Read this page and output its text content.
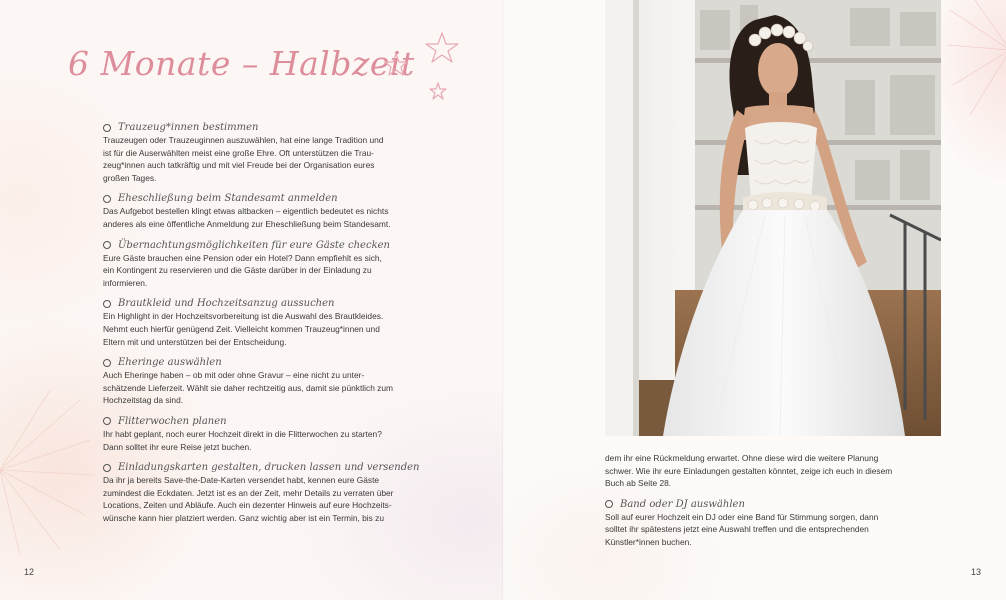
6 Monate – Halbzeit
Trauzeug*innen bestimmen
Trauzeugen oder Trauzeuginnen auszuwählen, hat eine lange Tradition und
ist für die Auserwählten meist eine große Ehre. Oft unterstützen die Trau-
zeug*innen auch tatkräftig und mit viel Freude bei der Organisation eures
großen Tages.
Eheschließung beim Standesamt anmelden
Das Aufgebot bestellen klingt etwas altbacken – eigentlich bedeutet es nichts
anderes als eine öffentliche Anmeldung zur Eheschließung beim Standesamt.
Übernachtungsmöglichkeiten für eure Gäste checken
Eure Gäste brauchen eine Pension oder ein Hotel? Dann empfiehlt es sich,
ein Kontingent zu reservieren und die Gäste darüber in der Einladung zu
informieren.
Brautkleid und Hochzeitsanzug aussuchen
Ein Highlight in der Hochzeitsvorbereitung ist die Auswahl des Brautkleides.
Nehmt euch hierfür genügend Zeit. Vielleicht kommen Trauzeug*innen und
Eltern mit und unterstützen bei der Entscheidung.
Eheringe auswählen
Auch Eheringe haben – ob mit oder ohne Gravur – eine nicht zu unter-
schätzende Lieferzeit. Wählt sie daher rechtzeitig aus, damit sie pünktlich zum
Hochzeitstag da sind.
Flitterwochen planen
Ihr habt geplant, noch eurer Hochzeit direkt in die Flitterwochen zu starten?
Dann solltet ihr eure Reise jetzt buchen.
Einladungskarten gestalten, drucken lassen und versenden
Da ihr ja bereits Save-the-Date-Karten versendet habt, kennen eure Gäste
zumindest die Eckdaten. Jetzt ist es an der Zeit, mehr Details zu verraten über
Locations, Zeiten und Abläufe. Auch ein dezenter Hinweis auf eure Hochzeits-
wünsche kann hier platziert werden. Ganz wichtig aber ist ein Termin, bis zu
12
dem ihr eine Rückmeldung erwartet. Ohne diese wird die weitere Planung
schwer. Wie ihr eure Einladungen gestalten könntet, zeige ich euch in diesem
Buch ab Seite 28.
Band oder DJ auswählen
Soll auf eurer Hochzeit ein DJ oder eine Band für Stimmung sorgen, dann
solltet ihr spätestens jetzt eine Auswahl treffen und die entsprechenden
Künstler*innen buchen.
13
